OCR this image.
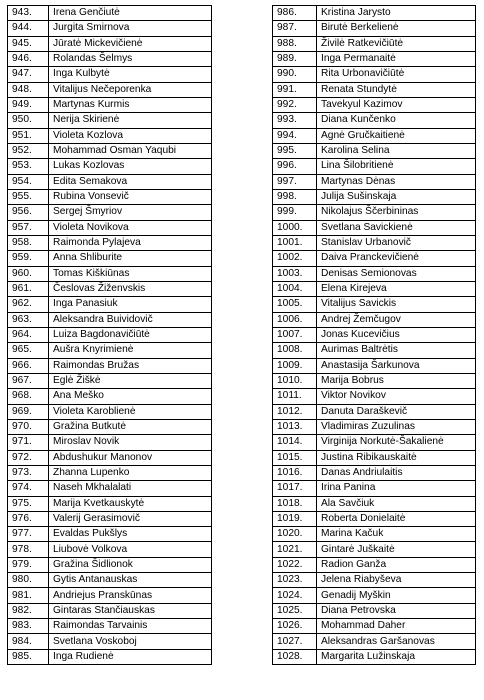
943.	Irena Genčiutė
944.	Jurgita Smirnova
945.	Jūratė Mickevičienė
946.	Rolandas Šelmys
947.	Inga Kulbytė
948.	Vitalijus Nečeporenka
949.	Martynas Kurmis
950.	Nerija Skirienė
951.	Violeta Kozlova
952.	Mohammad Osman Yaqubi
953.	Lukas Kozlovas
954.	Edita Semakova
955.	Rubina Vonsevič
956.	Sergej Šmyriov
957.	Violeta Novikova
958.	Raimonda Pylajeva
959.	Anna Shliburite
960.	Tomas Kiškiūnas
961.	Česlovas Žiženvskis
962.	Inga Panasiuk
963.	Aleksandra Buividovič
964.	Luiza Bagdonavičiūtė
965.	Aušra Knyrimienė
966.	Raimondas Bružas
967.	Eglė Žiškė
968.	Ana Meško
969.	Violeta Karoblienė
970.	Gražina Butkutė
971.	Miroslav Novik
972.	Abdushukur Manonov
973.	Zhanna Lupenko
974.	Naseh Mkhalalati
975.	Marija Kvetkauskytė
976.	Valerij Gerasimovič
977.	Evaldas Pukšlys
978.	Liubovė Volkova
979.	Gražina Šidlionok
980.	Gytis Antanauskas
981.	Andriejus Pranskūnas
982.	Gintaras Stančiauskas
983.	Raimondas Tarvainis
984.	Svetlana Voskoboj
985.	Inga Rudienė
986.	Kristina Jarysto
987.	Birutė Berkelienė
988.	Živilė Ratkevičiūtė
989.	Inga Permanaitė
990.	Rita Urbonavičiūtė
991.	Renata Stundytė
992.	Tavekyul Kazimov
993.	Diana Kunčenko
994.	Agnė Gručkaitienė
995.	Karolina Selina
996.	Lina Šilobritienė
997.	Martynas Dėnas
998.	Julija Sušinskaja
999.	Nikolajus Ščerbininas
1000.	Svetlana Savickienė
1001.	Stanislav Urbanovič
1002.	Daiva Pranckevičienė
1003.	Denisas Semionovas
1004.	Elena Kirejeva
1005.	Vitalijus Savickis
1006.	Andrej Žemčugov
1007.	Jonas Kucevičius
1008.	Aurimas Baltrėtis
1009.	Anastasija Šarkunova
1010.	Marija Bobrus
1011.	Viktor Novikov
1012.	Danuta Daraškevič
1013.	Vladimiras Zuzulinas
1014.	Virginija Norkutė-Šakalienė
1015.	Justina Ribikauskaitė
1016.	Danas Andriulaitis
1017.	Irina Panina
1018.	Ala Savčiuk
1019.	Roberta Donielaitė
1020.	Marina Kačuk
1021.	Gintarė Juškaitė
1022.	Radion Ganža
1023.	Jelena Riabyševa
1024.	Genadij Myškin
1025.	Diana Petrovska
1026.	Mohammad Daher
1027.	Aleksandras Garšanovas
1028.	Margarita Lužinskaja
